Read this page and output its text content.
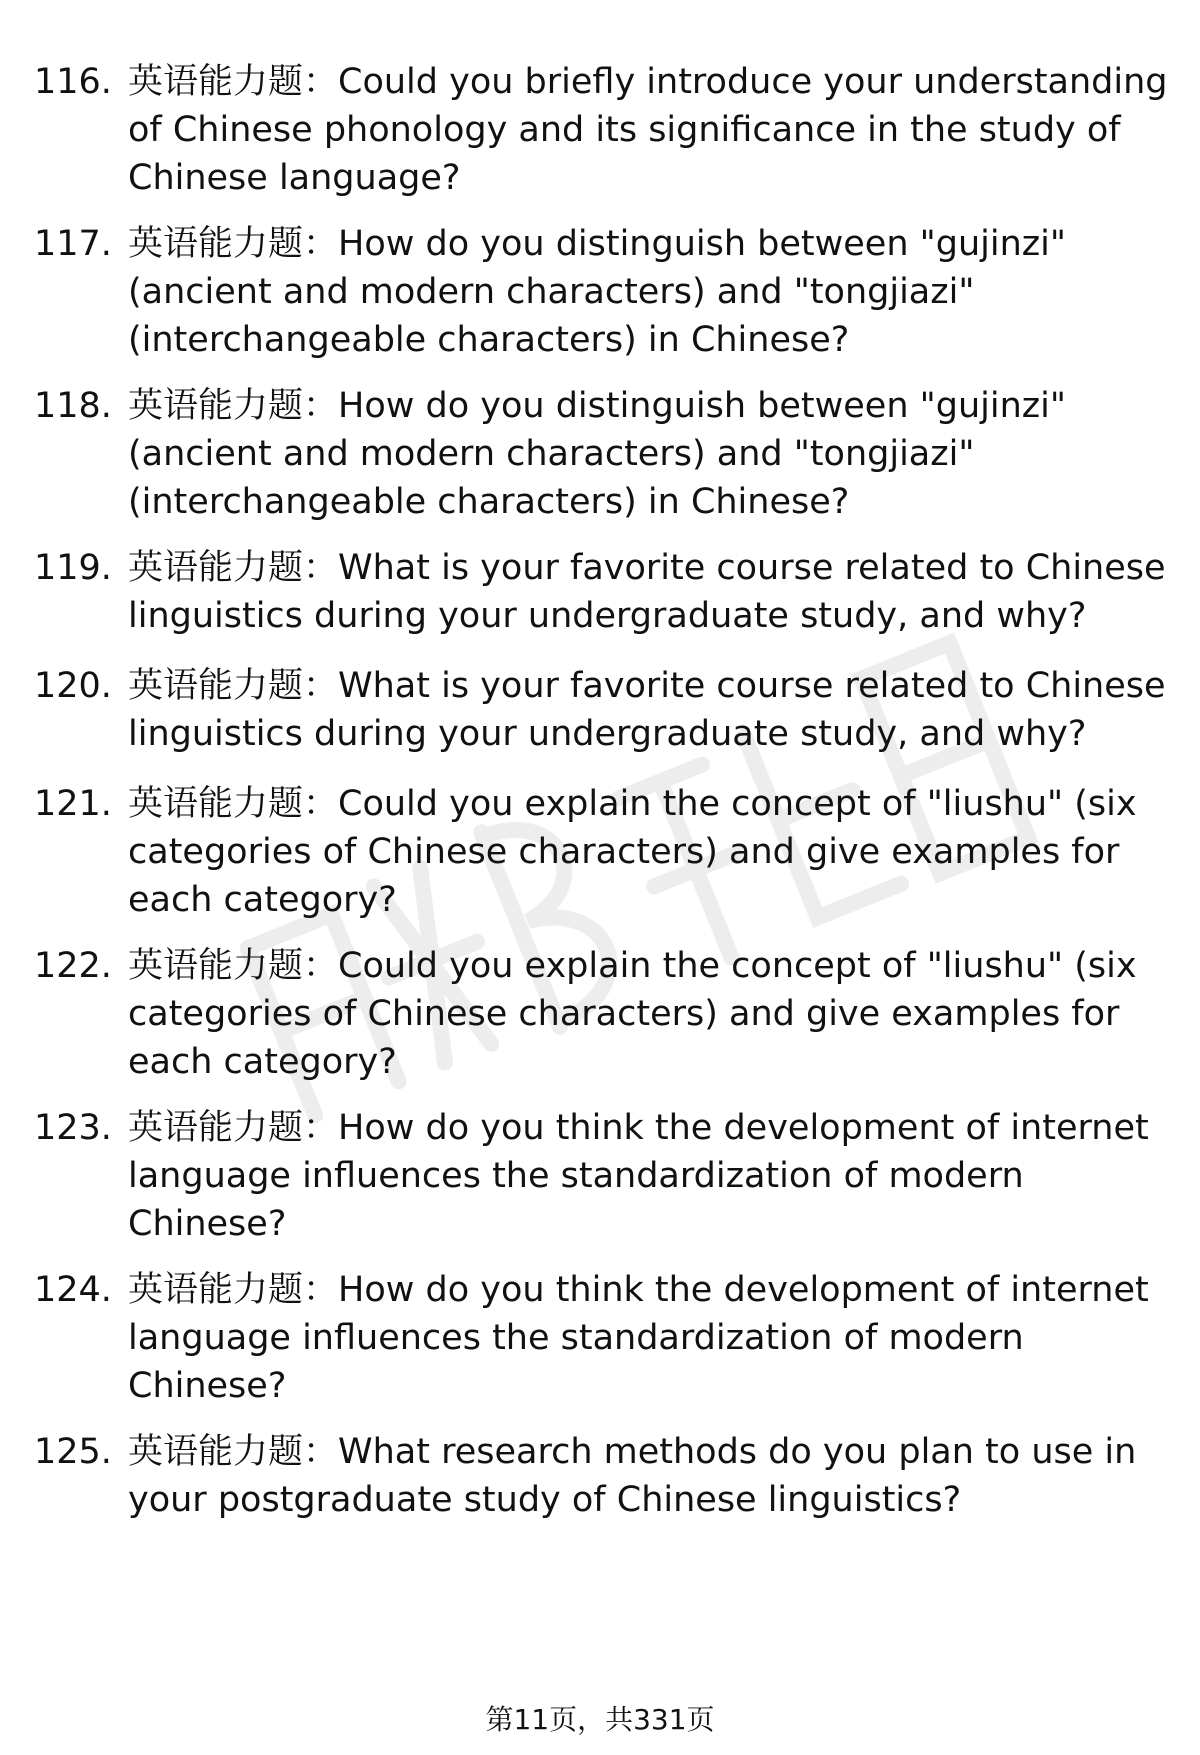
116. 英语能力题：Could you briefly introduce your understanding of Chinese phonology and its significance in the study of Chinese language?
117. 英语能力题：How do you distinguish between "gujinzi" (ancient and modern characters) and "tongjiazi" (interchangeable characters) in Chinese?
118. 英语能力题：How do you distinguish between "gujinzi" (ancient and modern characters) and "tongjiazi" (interchangeable characters) in Chinese?
119. 英语能力题：What is your favorite course related to Chinese linguistics during your undergraduate study, and why?
120. 英语能力题：What is your favorite course related to Chinese linguistics during your undergraduate study, and why?
121. 英语能力题：Could you explain the concept of "liushu" (six categories of Chinese characters) and give examples for each category?
122. 英语能力题：Could you explain the concept of "liushu" (six categories of Chinese characters) and give examples for each category?
123. 英语能力题：How do you think the development of internet language influences the standardization of modern Chinese?
124. 英语能力题：How do you think the development of internet language influences the standardization of modern Chinese?
125. 英语能力题：What research methods do you plan to use in your postgraduate study of Chinese linguistics?
第11页，共331页
